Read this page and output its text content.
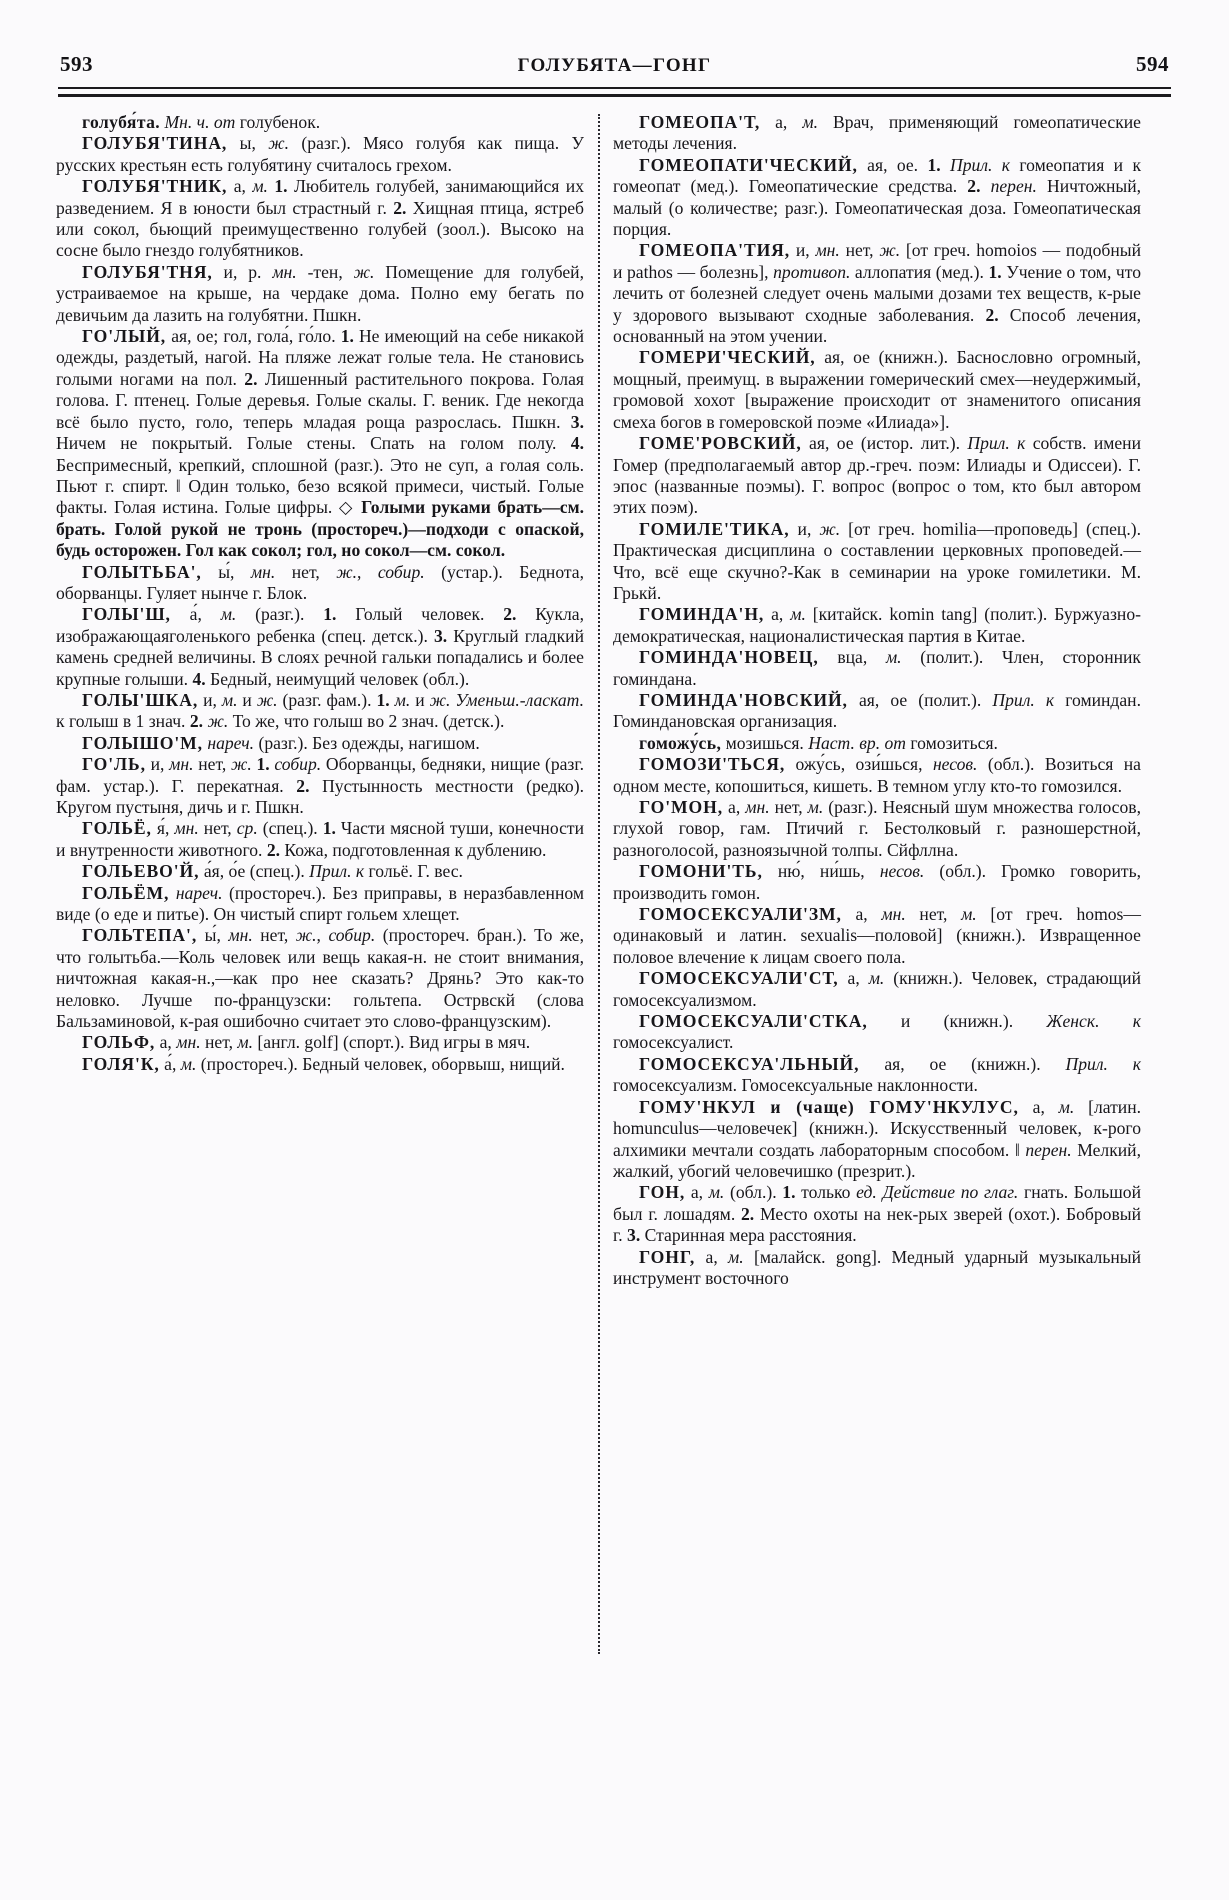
593	ГОЛУБЯТА—ГОНГ	594

голубя́та. Мн. ч. от голубенок.

ГОЛУБЯ'ТИНА, ы, ж. (разг.). Мясо голубя как пища. У русских крестьян есть голубятину считалось грехом.

ГОЛУБЯ'ТНИК, а, м. 1. Любитель голубей, занимающийся их разведением. Я в юности был страстный г. 2. Хищная птица, ястреб или сокол, бьющий преимущественно голубей (зоол.). Высоко на сосне было гнездо голубятников.

ГОЛУБЯ'ТНЯ, и, р. мн. -тен, ж. Помещение для голубей, устраиваемое на крыше, на чердаке дома. Полно ему бегать по девичьим да лазить на голубятни. Пшкн.

ГО'ЛЫЙ, ая, ое; гол, гола́, го́ло. 1. Не имеющий на себе никакой одежды, раздетый, нагой. На пляже лежат голые тела. Не становись голыми ногами на пол. 2. Лишенный растительного покрова. Голая голова. Г. птенец. Голые деревья. Голые скалы. Г. веник. Где некогда всё было пусто, голо, теперь младая роща разрослась. Пшкн. 3. Ничем не покрытый. Голые стены. Спать на голом полу. 4. Беспримесный, крепкий, сплошной (разг.). Это не суп, а голая соль. Пьют г. спирт. ‖ Один только, безо всякой примеси, чистый. Голые факты. Голая истина. Голые цифры. ◇ Голыми руками брать—см. брать. Голой рукой не тронь (простореч.)—подходи с опаской, будь осторожен. Гол как сокол; гол, но сокол—см. сокол.

ГОЛЫТЬБА', ы́, мн. нет, ж., собир. (устар.). Беднота, оборванцы. Гуляет нынче г. Блок.

ГОЛЫ'Ш, а́, м. (разг.). 1. Голый человек. 2. Кукла, изображающаяголенького ребенка (спец. детск.). 3. Круглый гладкий камень средней величины. В слоях речной гальки попадались и более крупные голыши. 4. Бедный, неимущий человек (обл.).

ГОЛЫ'ШКА, и, м. и ж. (разг. фам.). 1. м. и ж. Уменьш.-ласкат. к голыш в 1 знач. 2. ж. То же, что голыш во 2 знач. (детск.).

ГОЛЫШО'М, нареч. (разг.). Без одежды, нагишом.

ГО'ЛЬ, и, мн. нет, ж. 1. собир. Оборванцы, бедняки, нищие (разг. фам. устар.). Г. перекатная. 2. Пустынность местности (редко). Кругом пустыня, дичь и г. Пшкн.

ГОЛЬЁ, я́, мн. нет, ср. (спец.). 1. Части мясной туши, конечности и внутренности животного. 2. Кожа, подготовленная к дублению.

ГОЛЬЕВО'Й, а́я, о́е (спец.). Прил. к гольё. Г. вес.

ГОЛЬЁМ, нареч. (простореч.). Без приправы, в неразбавленном виде (о еде и питье). Он чистый спирт гольем хлещет.

ГОЛЬТЕПА', ы́, мн. нет, ж., собир. (простореч. бран.). То же, что голытьба.—Коль человек или вещь какая-н. не стоит внимания, ничтожная какая-н.,—как про нее сказать? Дрянь? Это как-то неловко. Лучше по-французски: гольтепа. Острвскй (слова Бальзаминовой, к-рая ошибочно считает это слово-французским).

ГОЛЬФ, а, мн. нет, м. [англ. golf] (спорт.). Вид игры в мяч.

ГОЛЯ'К, а́, м. (простореч.). Бедный человек, оборвыш, нищий.

ГОМЕОПА'Т, а, м. Врач, применяющий гомеопатические методы лечения.

ГОМЕОПАТИ'ЧЕСКИЙ, ая, ое. 1. Прил. к гомеопатия и к гомеопат (мед.). Гомеопатические средства. 2. перен. Ничтожный, малый (о количестве; разг.). Гомеопатическая доза. Гомеопатическая порция.

ГОМЕОПА'ТИЯ, и, мн. нет, ж. [от греч. homoios — подобный и pathos — болезнь], противоп. аллопатия (мед.). 1. Учение о том, что лечить от болезней следует очень малыми дозами тех веществ, к-рые у здорового вызывают сходные заболевания. 2. Способ лечения, основанный на этом учении.

ГОМЕРИ'ЧЕСКИЙ, ая, ое (книжн.). Баснословно огромный, мощный, преимущ. в выражении гомерический смех—неудержимый, громовой хохот [выражение происходит от знаменитого описания смеха богов в гомеровской поэме «Илиада»].

ГОМЕ'РОВСКИЙ, ая, ое (истор. лит.). Прил. к собств. имени Гомер (предполагаемый автор др.-греч. поэм: Илиады и Одиссеи). Г. эпос (названные поэмы). Г. вопрос (вопрос о том, кто был автором этих поэм).

ГОМИЛЕ'ТИКА, и, ж. [от греч. homilia—проповедь] (спец.). Практическая дисциплина о составлении церковных проповедей.—Что, всё еще скучно?-Как в семинарии на уроке гомилетики. М. Грькй.

ГОМИНДА'Н, а, м. [китайск. komin tang] (полит.). Буржуазно-демократическая, националистическая партия в Китае.

ГОМИНДА'НОВЕЦ, вца, м. (полит.). Член, сторонник гоминдана.

ГОМИНДА'НОВСКИЙ, ая, ое (полит.). Прил. к гоминдан. Гоминдановская организация.

гоможу́сь, мозишься. Наст. вр. от гомозиться.

ГОМОЗИ'ТЬСЯ, ожу́сь, ози́шься, несов. (обл.). Возиться на одном месте, копошиться, кишеть. В темном углу кто-то гомозился.

ГО'МОН, а, мн. нет, м. (разг.). Неясный шум множества голосов, глухой говор, гам. Птичий г. Бестолковый г. разношерстной, разноголосой, разноязычной толпы. Сйфллна.

ГОМОНИ'ТЬ, ню́, ни́шь, несов. (обл.). Громко говорить, производить гомон.

ГОМОСЕКСУАЛИ'ЗМ, а, мн. нет, м. [от греч. homos—одинаковый и латин. sexualis—половой] (книжн.). Извращенное половое влечение к лицам своего пола.

ГОМОСЕКСУАЛИ'СТ, а, м. (книжн.). Человек, страдающий гомосексуализмом.

ГОМОСЕКСУАЛИ'СТКА, и (книжн.). Женск. к гомосексуалист.

ГОМОСЕКСУА'ЛЬНЫЙ, ая, ое (книжн.). Прил. к гомосексуализм. Гомосексуальные наклонности.

ГОМУ'НКУЛ и (чаще) ГОМУ'НКУЛУС, а, м. [латин. homunculus—человечек] (книжн.). Искусственный человек, к-рого алхимики мечтали создать лабораторным способом. ‖ перен. Мелкий, жалкий, убогий человечишко (презрит.).

ГОН, а, м. (обл.). 1. только ед. Действие по глаг. гнать. Большой был г. лошадям. 2. Место охоты на нек-рых зверей (охот.). Бобровый г. 3. Старинная мера расстояния.

ГОНГ, а, м. [малайск. gong]. Медный ударный музыкальный инструмент восточного
